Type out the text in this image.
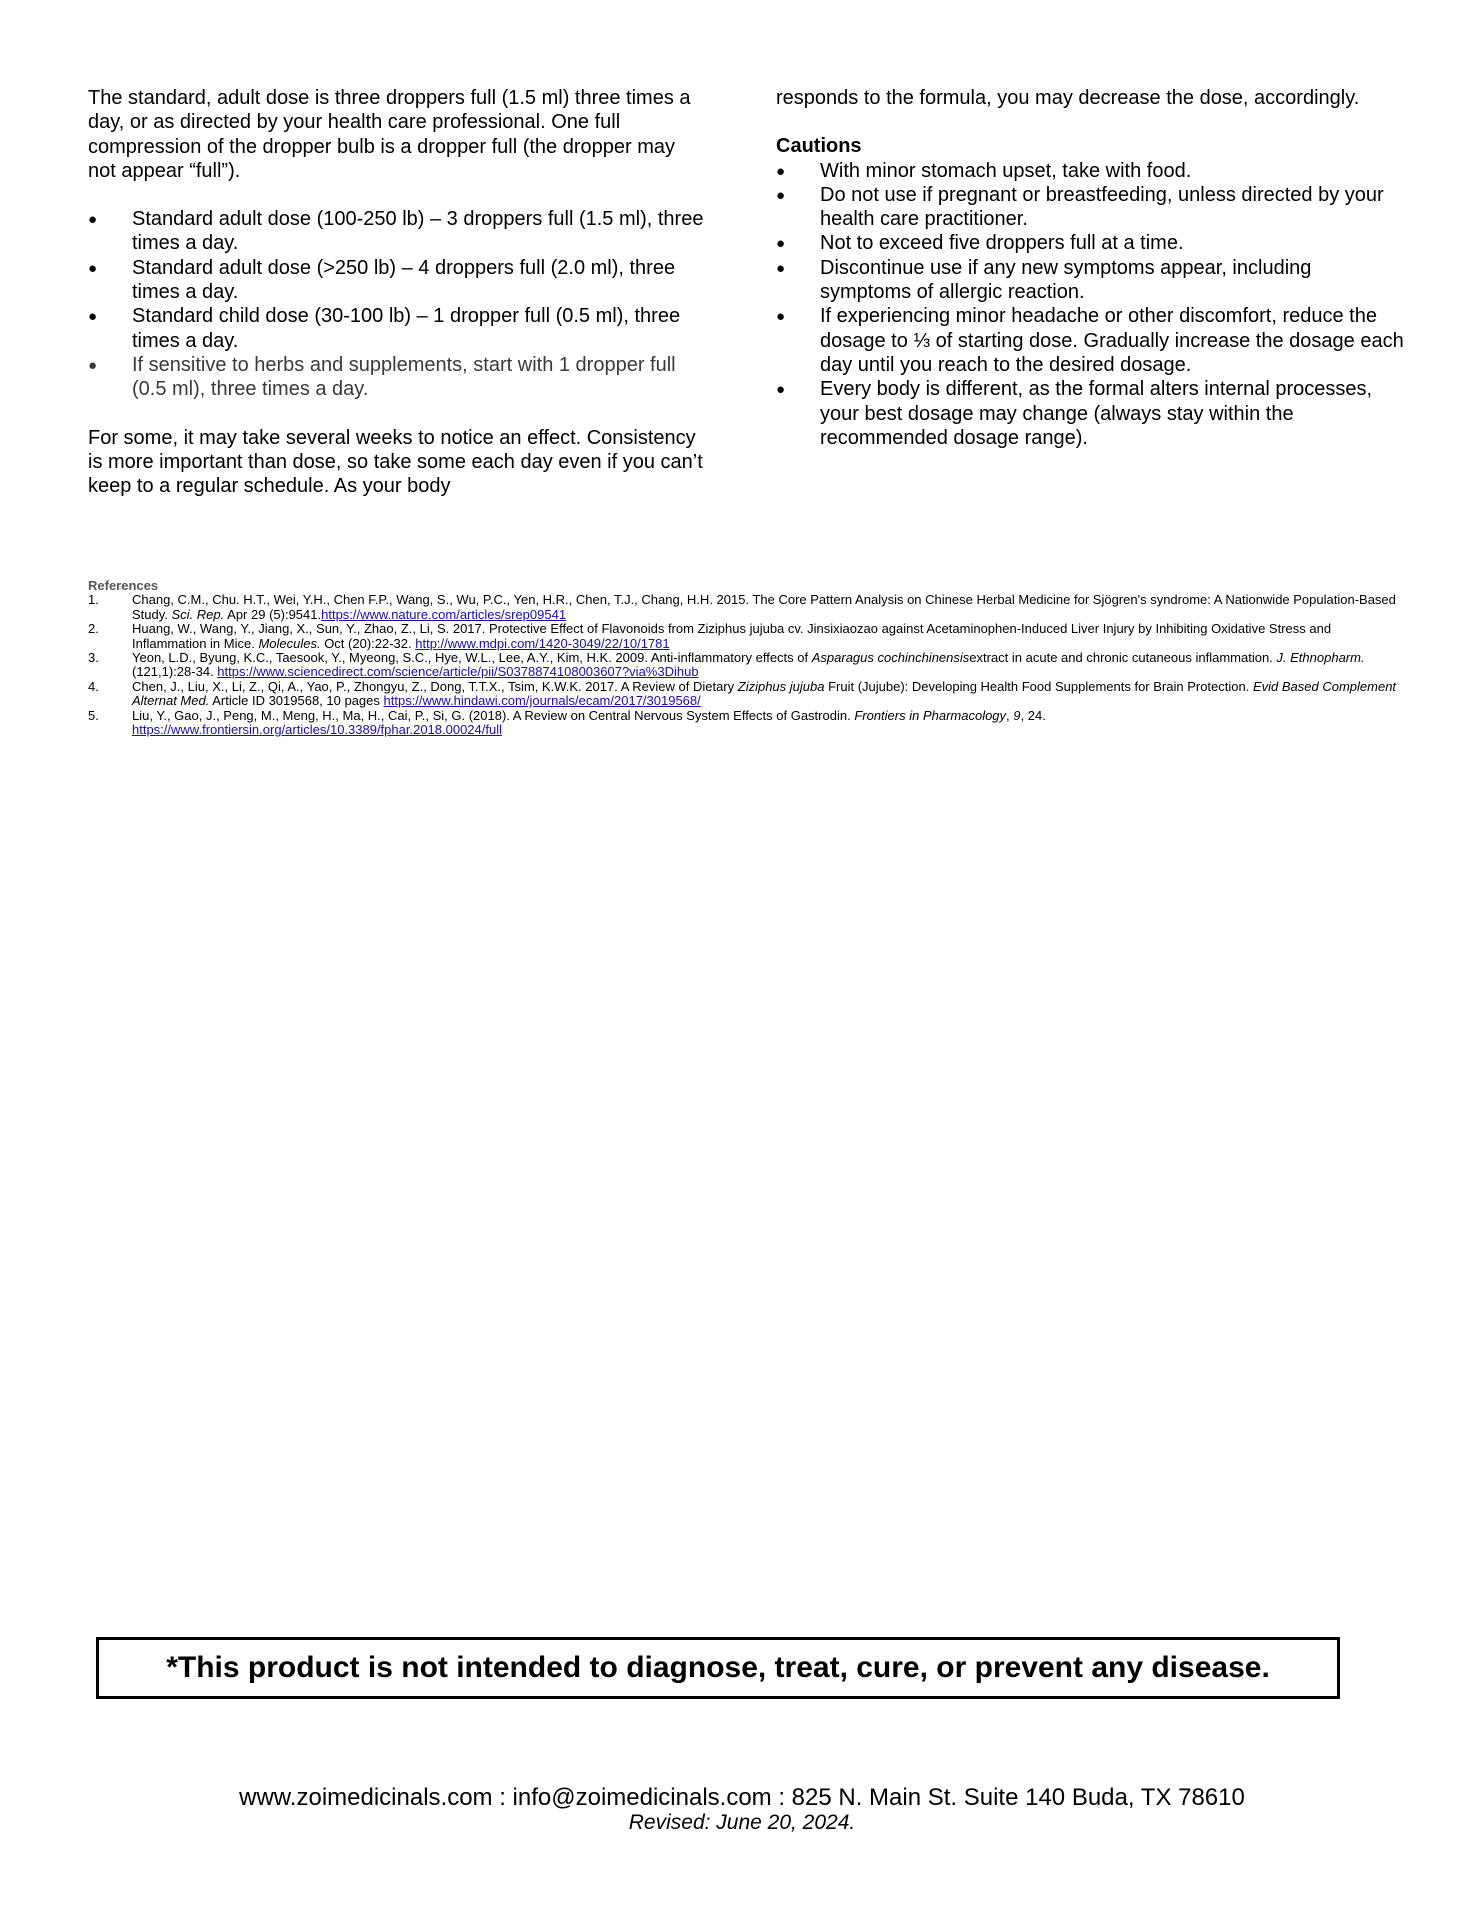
The standard, adult dose is three droppers full (1.5 ml) three times a day, or as directed by your health care professional. One full compression of the dropper bulb is a dropper full (the dropper may not appear “full”).

● Standard adult dose (100-250 lb) – 3 droppers full (1.5 ml), three times a day.
● Standard adult dose (>250 lb) – 4 droppers full (2.0 ml), three times a day.
● Standard child dose (30-100 lb) – 1 dropper full (0.5 ml), three times a day.
● If sensitive to herbs and supplements, start with 1 dropper full (0.5 ml), three times a day.

For some, it may take several weeks to notice an effect. Consistency is more important than dose, so take some each day even if you can’t keep to a regular schedule. As your body

responds to the formula, you may decrease the dose, accordingly.

Cautions

● With minor stomach upset, take with food.
● Do not use if pregnant or breastfeeding, unless directed by your health care practitioner.
● Not to exceed five droppers full at a time.
● Discontinue use if any new symptoms appear, including symptoms of allergic reaction.
● If experiencing minor headache or other discomfort, reduce the dosage to ⅓ of starting dose. Gradually increase the dosage each day until you reach to the desired dosage.
● Every body is different, as the formal alters internal processes, your best dosage may change (always stay within the recommended dosage range).
References
1.	Chang, C.M., Chu. H.T., Wei, Y.H., Chen F.P., Wang, S., Wu, P.C., Yen, H.R., Chen, T.J., Chang, H.H. 2015. The Core Pattern Analysis on Chinese Herbal Medicine for Sjögren's syndrome: A Nationwide Population-Based Study. Sci. Rep. Apr 29 (5):9541.https://www.nature.com/articles/srep09541
2.	Huang, W., Wang, Y., Jiang, X., Sun, Y., Zhao, Z., Li, S. 2017. Protective Effect of Flavonoids from Ziziphus jujuba cv. Jinsixiaozao against Acetaminophen-Induced Liver Injury by Inhibiting Oxidative Stress and Inflammation in Mice. Molecules. Oct (20):22-32. http://www.mdpi.com/1420-3049/22/10/1781
3.	Yeon, L.D., Byung, K.C., Taesook, Y., Myeong, S.C., Hye, W.L., Lee, A.Y., Kim, H.K. 2009. Anti-inflammatory effects of Asparagus cochinchinensisextract in acute and chronic cutaneous inflammation. J. Ethnopharm. (121,1):28-34. https://www.sciencedirect.com/science/article/pii/S0378874108003607?via%3Dihub
4.	Chen, J., Liu, X., Li, Z., Qi, A., Yao, P., Zhongyu, Z., Dong, T.T.X., Tsim, K.W.K. 2017. A Review of Dietary Ziziphus jujuba Fruit (Jujube): Developing Health Food Supplements for Brain Protection. Evid Based Complement Alternat Med. Article ID 3019568, 10 pages https://www.hindawi.com/journals/ecam/2017/3019568/
5.	Liu, Y., Gao, J., Peng, M., Meng, H., Ma, H., Cai, P., Si, G. (2018). A Review on Central Nervous System Effects of Gastrodin. Frontiers in Pharmacology, 9, 24. https://www.frontiersin.org/articles/10.3389/fphar.2018.00024/full
*This product is not intended to diagnose, treat, cure, or prevent any disease.
www.zoimedicinals.com : info@zoimedicinals.com : 825 N. Main St. Suite 140 Buda, TX 78610
Revised: June 20, 2024.
